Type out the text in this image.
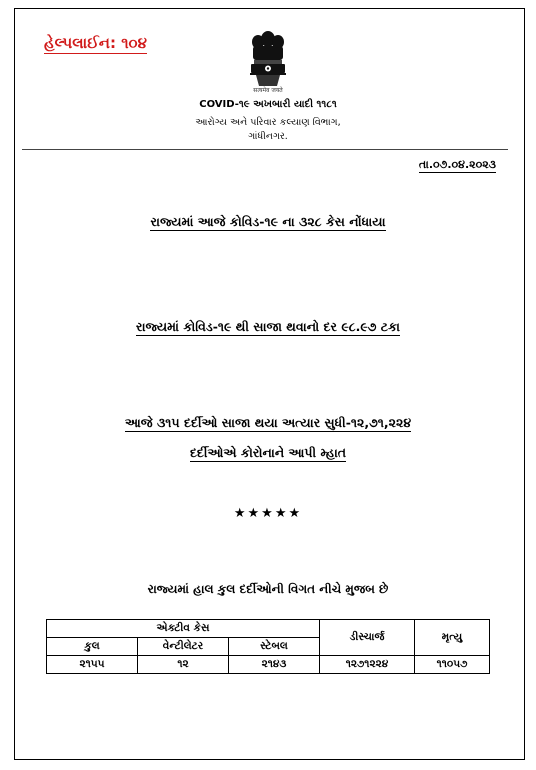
હેલ્પલાઈન: ૧૦૪
सत्यमेव जयते
COVID-૧૯ અખબારી યાદી ૧૧૮૧
આરોગ્ય અને પરિવાર કલ્યાણ વિભાગ,
ગાંધીનગર.
તા.૦૭.૦૪.૨૦૨૩
રાજ્યમાં આજે કોવિડ-૧૯ ના ૩૨૮ કેસ નોંધાયા
રાજ્યમાં કોવિડ-૧૯ થી સાજા થવાનો દર ૯૮.૯૭ ટકા
આજે ૩૧૫ દર્દીઓ સાજા થયા અત્યાર સુધી-૧૨,૭૧,૨૨૪
દર્દીઓએ કોરોનાને આપી મ્હાત
★★★★★
રાજ્યમાં હાલ કુલ દર્દીઓની વિગત નીચે મુજબ છે
એક્ટીવ કેસ			ડીસ્ચાર્જ	મૃત્યુ
કુલ	વેન્ટીલેટર	સ્ટેબલ		
૨૧૫૫	૧૨	૨૧૪૩	૧૨૭૧૨૨૪	૧૧૦૫૭
